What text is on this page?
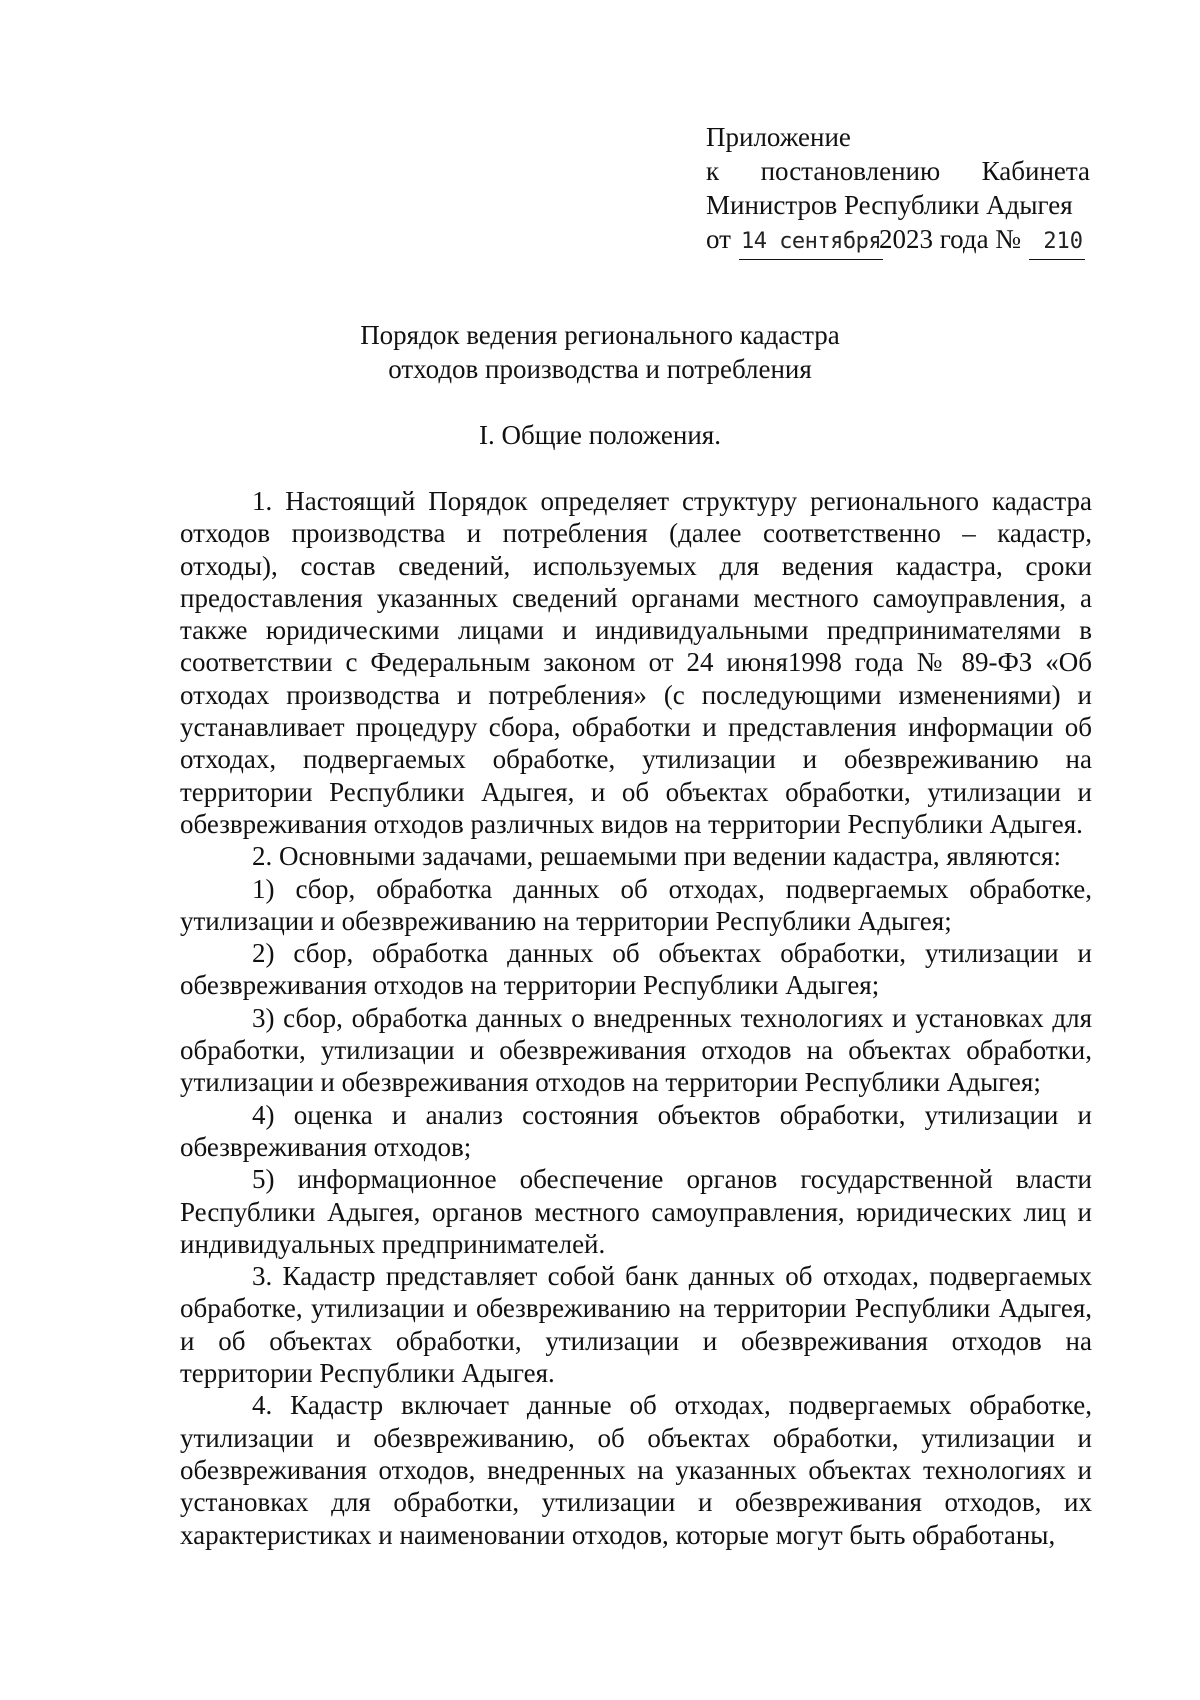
Приложение
к постановлению Кабинета
Министров Республики Адыгея
от 14 сентября
2023 года №	210
Порядок ведения регионального кадастра
отходов производства и потребления
I. Общие положения.

1. Настоящий Порядок определяет структуру регионального кадастра отходов производства и потребления (далее соответственно – кадастр, отходы), состав сведений, используемых для ведения кадастра, сроки предоставления указанных сведений органами местного самоуправления, а также юридическими лицами и индивидуальными предпринимателями в соответствии с Федеральным законом от 24 июня1998 года № 89-ФЗ «Об отходах производства и потребления» (с последующими изменениями) и устанавливает процедуру сбора, обработки и представления информации об отходах, подвергаемых обработке, утилизации и обезвреживанию на территории Республики Адыгея, и об объектах обработки, утилизации и обезвреживания отходов различных видов на территории Республики Адыгея.

2. Основными задачами, решаемыми при ведении кадастра, являются:

1) сбор, обработка данных об отходах, подвергаемых обработке, утилизации и обезвреживанию на территории Республики Адыгея;

2) сбор, обработка данных об объектах обработки, утилизации и обезвреживания отходов на территории Республики Адыгея;

3) сбор, обработка данных о внедренных технологиях и установках для обработки, утилизации и обезвреживания отходов на объектах обработки, утилизации и обезвреживания отходов на территории Республики Адыгея;

4) оценка и анализ состояния объектов обработки, утилизации и обезвреживания отходов;

5) информационное обеспечение органов государственной власти Республики Адыгея, органов местного самоуправления, юридических лиц и индивидуальных предпринимателей.

3. Кадастр представляет собой банк данных об отходах, подвергаемых обработке, утилизации и обезвреживанию на территории Республики Адыгея, и об объектах обработки, утилизации и обезвреживания отходов на территории Республики Адыгея.

4. Кадастр включает данные об отходах, подвергаемых обработке, утилизации и обезвреживанию, об объектах обработки, утилизации и обезвреживания отходов, внедренных на указанных объектах технологиях и установках для обработки, утилизации и обезвреживания отходов, их характеристиках и наименовании отходов, которые могут быть обработаны,
